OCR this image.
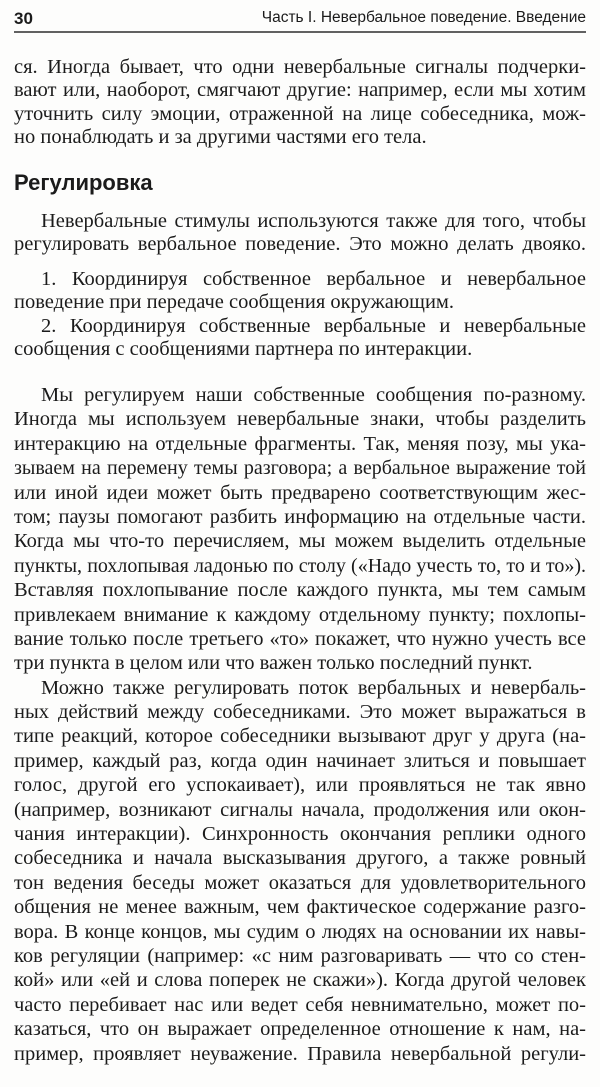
30	Часть I. Невербальное поведение. Введение
ся. Иногда бывает, что одни невербальные сигналы подчерки-
вают или, наоборот, смягчают другие: например, если мы хотим
уточнить силу эмоции, отраженной на лице собеседника, мож-
но понаблюдать и за другими частями его тела.
Регулировка
Невербальные стимулы используются также для того, чтобы
регулировать вербальное поведение. Это можно делать двояко.
1. Координируя собственное вербальное и невербальное
поведение при передаче сообщения окружающим.
2. Координируя собственные вербальные и невербальные
сообщения с сообщениями партнера по интеракции.
Мы регулируем наши собственные сообщения по-разному.
Иногда мы используем невербальные знаки, чтобы разделить
интеракцию на отдельные фрагменты. Так, меняя позу, мы ука-
зываем на перемену темы разговора; а вербальное выражение той
или иной идеи может быть предварено соответствующим жес-
том; паузы помогают разбить информацию на отдельные части.
Когда мы что-то перечисляем, мы можем выделить отдельные
пункты, похлопывая ладонью по столу («Надо учесть то, то и то»).
Вставляя похлопывание после каждого пункта, мы тем самым
привлекаем внимание к каждому отдельному пункту; похлопы-
вание только после третьего «то» покажет, что нужно учесть все
три пункта в целом или что важен только последний пункт.
Можно также регулировать поток вербальных и невербаль-
ных действий между собеседниками. Это может выражаться в
типе реакций, которое собеседники вызывают друг у друга (на-
пример, каждый раз, когда один начинает злиться и повышает
голос, другой его успокаивает), или проявляться не так явно
(например, возникают сигналы начала, продолжения или окон-
чания интеракции). Синхронность окончания реплики одного
собеседника и начала высказывания другого, а также ровный
тон ведения беседы может оказаться для удовлетворительного
общения не менее важным, чем фактическое содержание разго-
вора. В конце концов, мы судим о людях на основании их навы-
ков регуляции (например: «с ним разговаривать — что со стен-
кой» или «ей и слова поперек не скажи»). Когда другой человек
часто перебивает нас или ведет себя невнимательно, может по-
казаться, что он выражает определенное отношение к нам, на-
пример, проявляет неуважение. Правила невербальной регули-
